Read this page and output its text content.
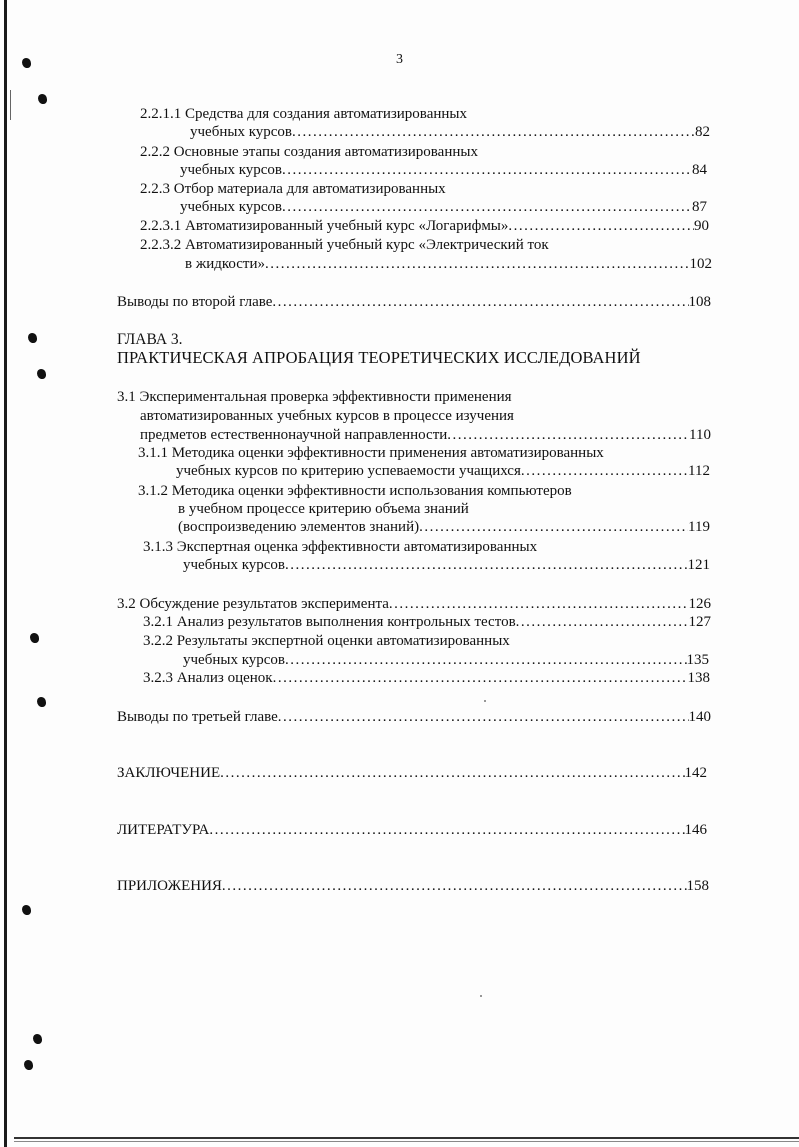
3
2.2.1.1 Средства для создания автоматизированных
учебных курсов .....	82
2.2.2 Основные этапы создания автоматизированных
учебных курсов .....	84
2.2.3 Отбор материала для автоматизированных
учебных курсов .....	87
2.2.3.1 Автоматизированный учебный курс «Логарифмы» .....	90
2.2.3.2 Автоматизированный учебный курс «Электрический ток
в жидкости» .....	102
Выводы по второй главе .....	108
ГЛАВА 3.
ПРАКТИЧЕСКАЯ АПРОБАЦИЯ ТЕОРЕТИЧЕСКИХ ИССЛЕДОВАНИЙ
3.1 Экспериментальная проверка эффективности применения
автоматизированных учебных курсов в процессе изучения
предметов естественнонаучной направленности .....	110
3.1.1 Методика оценки эффективности применения автоматизированных
учебных курсов по критерию успеваемости учащихся .....	112
3.1.2 Методика оценки эффективности использования компьютеров
в учебном процессе критерию объема знаний
(воспроизведению элементов знаний) .....	119
3.1.3 Экспертная оценка эффективности автоматизированных
учебных курсов .....	121
3.2 Обсуждение результатов эксперимента .....	126
3.2.1 Анализ результатов выполнения контрольных тестов .....	127
3.2.2 Результаты экспертной оценки автоматизированных
учебных курсов .....	135
3.2.3 Анализ оценок .....	138
Выводы по третьей главе .....	140
ЗАКЛЮЧЕНИЕ .....	142
ЛИТЕРАТУРА .....	146
ПРИЛОЖЕНИЯ .....	158
